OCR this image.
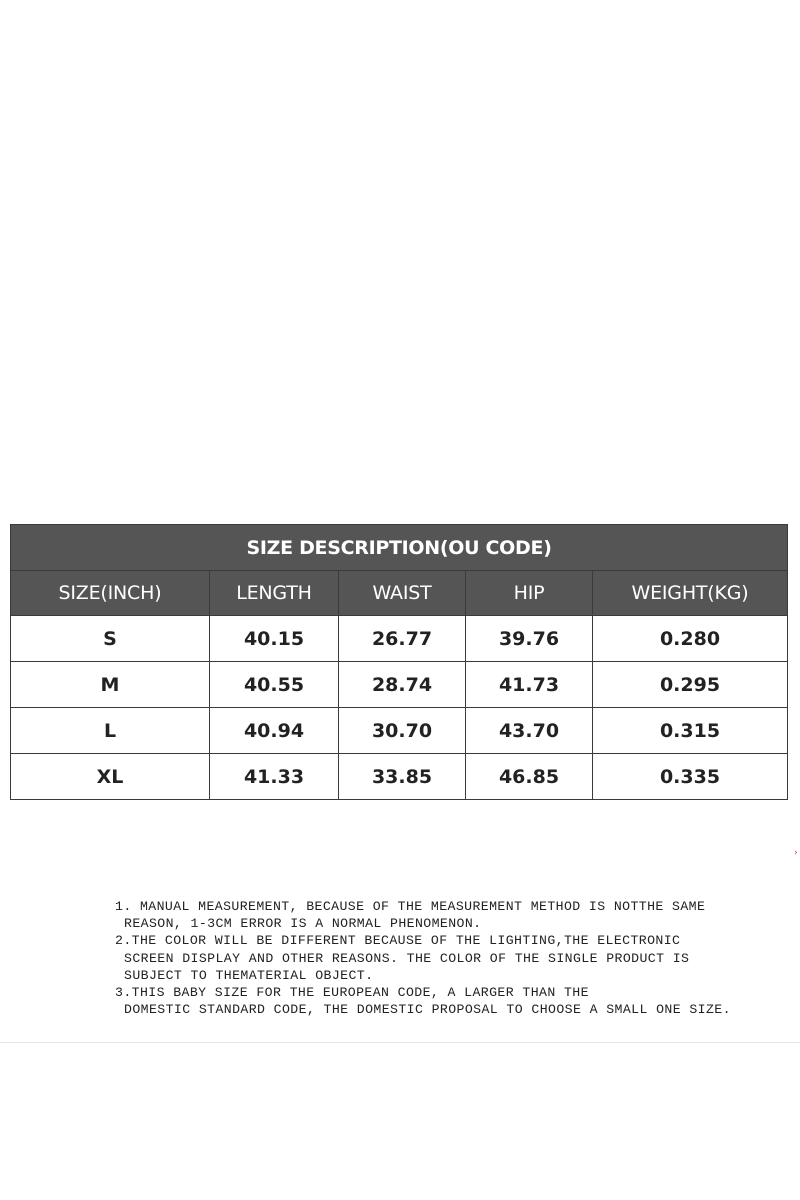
SIZE DESCRIPTION(OU CODE)				
SIZE(INCH)	LENGTH	WAIST	HIP	WEIGHT(KG)
S	40.15	26.77	39.76	0.280
M	40.55	28.74	41.73	0.295
L	40.94	30.70	43.70	0.315
XL	41.33	33.85	46.85	0.335
›
1. MANUAL MEASUREMENT, BECAUSE OF THE MEASUREMENT METHOD IS NOTTHE SAME
REASON, 1-3CM ERROR IS A NORMAL PHENOMENON.
2.THE COLOR WILL BE DIFFERENT BECAUSE OF THE LIGHTING,THE ELECTRONIC
SCREEN DISPLAY AND OTHER REASONS. THE COLOR OF THE SINGLE PRODUCT IS
SUBJECT TO THEMATERIAL OBJECT.
3.THIS BABY SIZE FOR THE EUROPEAN CODE, A LARGER THAN THE
DOMESTIC STANDARD CODE, THE DOMESTIC PROPOSAL TO CHOOSE A SMALL ONE SIZE.
